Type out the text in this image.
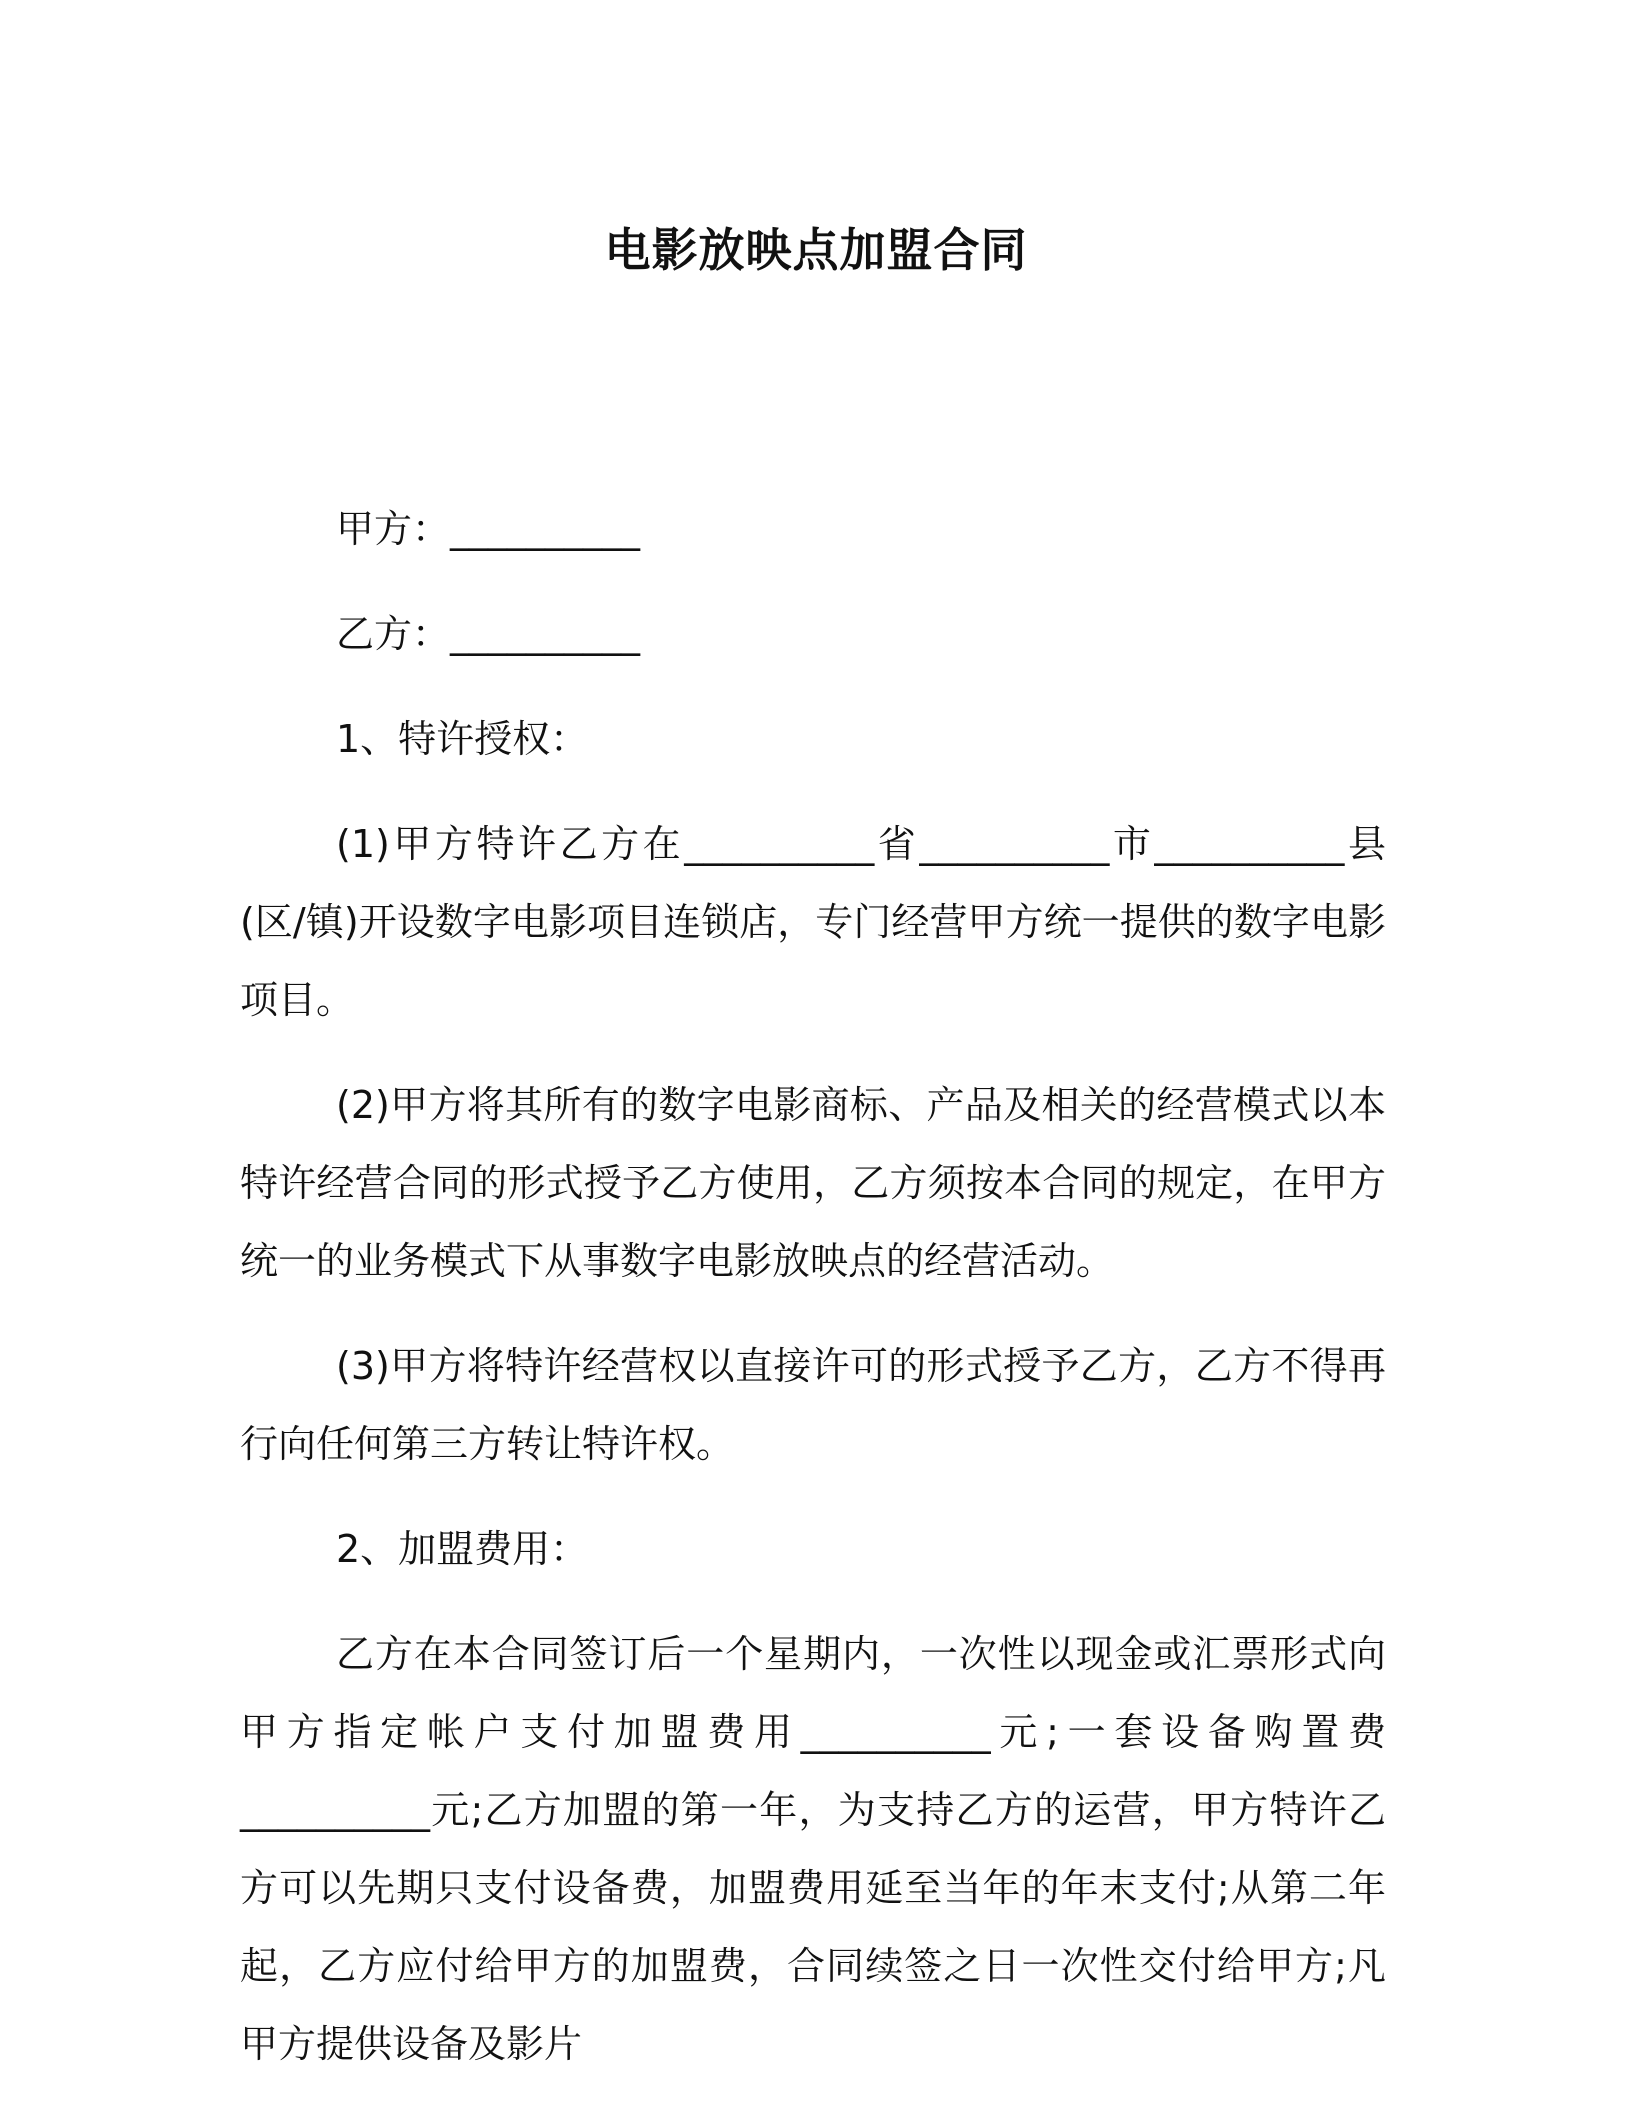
电影放映点加盟合同

甲方：__________

乙方：__________

1、特许授权：

(1)甲方特许乙方在__________省__________市__________县(区/镇)开设数字电影项目连锁店，专门经营甲方统一提供的数字电影项目。

(2)甲方将其所有的数字电影商标、产品及相关的经营模式以本特许经营合同的形式授予乙方使用，乙方须按本合同的规定，在甲方统一的业务模式下从事数字电影放映点的经营活动。

(3)甲方将特许经营权以直接许可的形式授予乙方，乙方不得再行向任何第三方转让特许权。

2、加盟费用：

乙方在本合同签订后一个星期内，一次性以现金或汇票形式向甲方指定帐户支付加盟费用__________元;一套设备购置费__________元;乙方加盟的第一年，为支持乙方的运营，甲方特许乙方可以先期只支付设备费，加盟费用延至当年的年末支付;从第二年起，乙方应付给甲方的加盟费，合同续签之日一次性交付给甲方;凡甲方提供设备及影片
